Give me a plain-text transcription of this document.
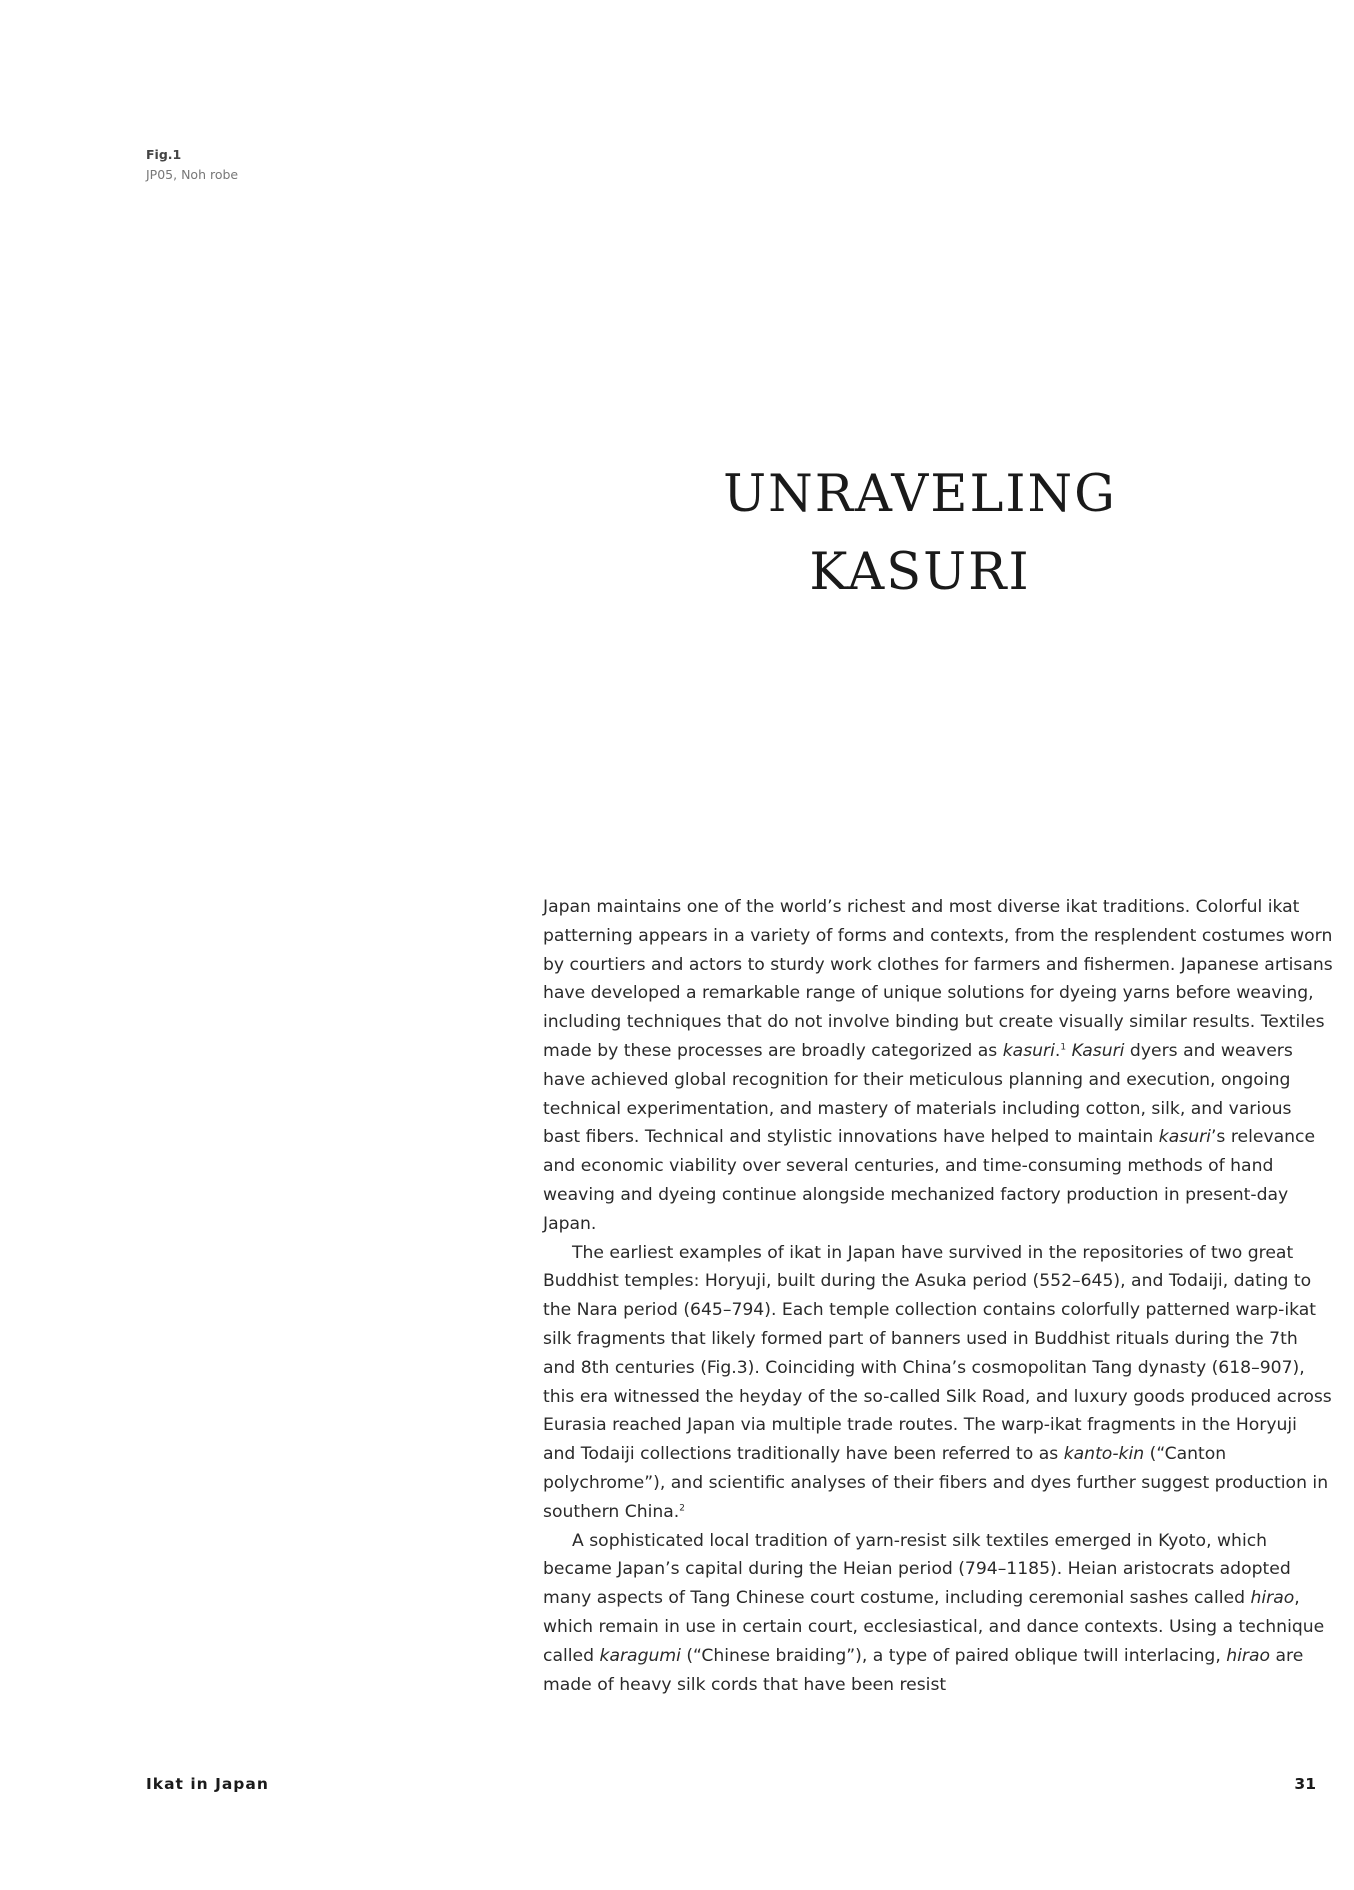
Fig.1
JP05, Noh robe
UNRAVELING
KASURI

Japan maintains one of the world’s richest and most diverse ikat traditions. Colorful ikat patterning appears in a variety of forms and contexts, from the resplendent costumes worn by courtiers and actors to sturdy work clothes for farmers and fishermen. Japanese artisans have developed a remarkable range of unique solutions for dyeing yarns before weaving, including techniques that do not involve binding but create visually similar results. Textiles made by these processes are broadly categorized as kasuri.$^1$ Kasuri dyers and weavers have achieved global recognition for their meticulous planning and execution, ongoing technical experimentation, and mastery of materials including cotton, silk, and various bast fibers. Technical and stylistic innovations have helped to maintain kasuri’s relevance and economic viability over several centuries, and time-consuming methods of hand weaving and dyeing continue alongside mechanized factory production in present-day Japan.

The earliest examples of ikat in Japan have survived in the repositories of two great Buddhist temples: Horyuji, built during the Asuka period (552–645), and Todaiji, dating to the Nara period (645–794). Each temple collection contains colorfully patterned warp-ikat silk fragments that likely formed part of banners used in Buddhist rituals during the 7th and 8th centuries (Fig.3). Coinciding with China’s cosmopolitan Tang dynasty (618–907), this era witnessed the heyday of the so-called Silk Road, and luxury goods produced across Eurasia reached Japan via multiple trade routes. The warp-ikat fragments in the Horyuji and Todaiji collections traditionally have been referred to as kanto-kin (“Canton polychrome”), and scientific analyses of their fibers and dyes further suggest production in southern China.$^2$

A sophisticated local tradition of yarn-resist silk textiles emerged in Kyoto, which became Japan’s capital during the Heian period (794–1185). Heian aristocrats adopted many aspects of Tang Chinese court costume, including ceremonial sashes called hirao, which remain in use in certain court, ecclesiastical, and dance contexts. Using a technique called karagumi (“Chinese braiding”), a type of paired oblique twill interlacing, hirao are made of heavy silk cords that have been resist

Ikat in Japan	31
